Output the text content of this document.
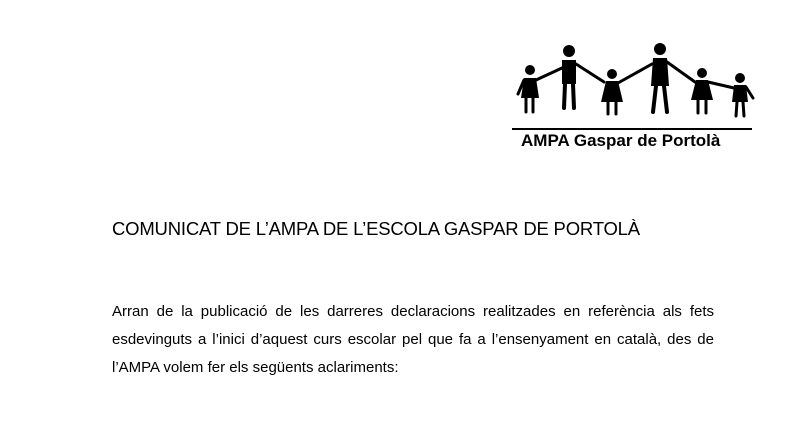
AMPA Gaspar de Portolà
COMUNICAT DE L’AMPA DE L’ESCOLA GASPAR DE PORTOLÀ
Arran de la publicació de les darreres declaracions realitzades en referència als fets
esdevinguts a l’inici d’aquest curs escolar pel que fa a l’ensenyament en català, des de
l’AMPA volem fer els següents aclariments:
